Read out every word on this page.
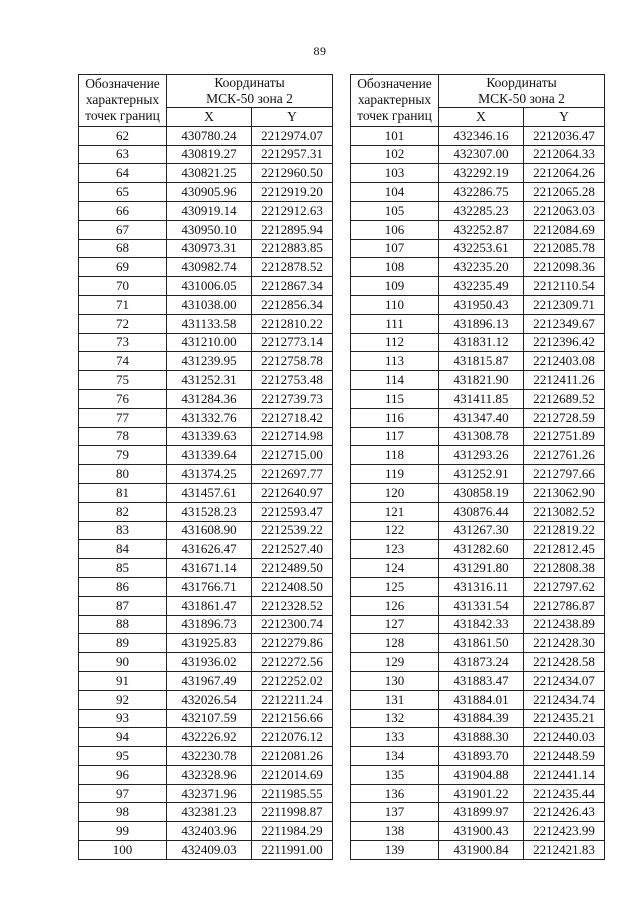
89
Обозначение
характерных
точек границ	Координаты
МСК-50 зона 2	

	X	Y
62	430780.24	2212974.07
63	430819.27	2212957.31
64	430821.25	2212960.50
65	430905.96	2212919.20
66	430919.14	2212912.63
67	430950.10	2212895.94
68	430973.31	2212883.85
69	430982.74	2212878.52
70	431006.05	2212867.34
71	431038.00	2212856.34
72	431133.58	2212810.22
73	431210.00	2212773.14
74	431239.95	2212758.78
75	431252.31	2212753.48
76	431284.36	2212739.73
77	431332.76	2212718.42
78	431339.63	2212714.98
79	431339.64	2212715.00
80	431374.25	2212697.77
81	431457.61	2212640.97
82	431528.23	2212593.47
83	431608.90	2212539.22
84	431626.47	2212527.40
85	431671.14	2212489.50
86	431766.71	2212408.50
87	431861.47	2212328.52
88	431896.73	2212300.74
89	431925.83	2212279.86
90	431936.02	2212272.56
91	431967.49	2212252.02
92	432026.54	2212211.24
93	432107.59	2212156.66
94	432226.92	2212076.12
95	432230.78	2212081.26
96	432328.96	2212014.69
97	432371.96	2211985.55
98	432381.23	2211998.87
99	432403.96	2211984.29
100	432409.03	2211991.00
Обозначение
характерных
точек границ	Координаты
МСК-50 зона 2	

	X	Y
101	432346.16	2212036.47
102	432307.00	2212064.33
103	432292.19	2212064.26
104	432286.75	2212065.28
105	432285.23	2212063.03
106	432252.87	2212084.69
107	432253.61	2212085.78
108	432235.20	2212098.36
109	432235.49	2212110.54
110	431950.43	2212309.71
111	431896.13	2212349.67
112	431831.12	2212396.42
113	431815.87	2212403.08
114	431821.90	2212411.26
115	431411.85	2212689.52
116	431347.40	2212728.59
117	431308.78	2212751.89
118	431293.26	2212761.26
119	431252.91	2212797.66
120	430858.19	2213062.90
121	430876.44	2213082.52
122	431267.30	2212819.22
123	431282.60	2212812.45
124	431291.80	2212808.38
125	431316.11	2212797.62
126	431331.54	2212786.87
127	431842.33	2212438.89
128	431861.50	2212428.30
129	431873.24	2212428.58
130	431883.47	2212434.07
131	431884.01	2212434.74
132	431884.39	2212435.21
133	431888.30	2212440.03
134	431893.70	2212448.59
135	431904.88	2212441.14
136	431901.22	2212435.44
137	431899.97	2212426.43
138	431900.43	2212423.99
139	431900.84	2212421.83
